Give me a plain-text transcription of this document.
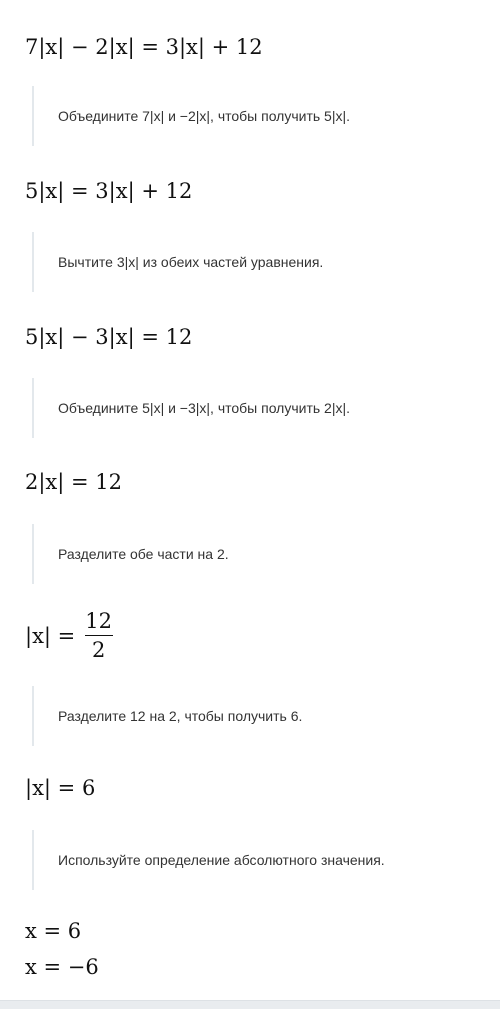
7|x| − 2|x| = 3|x| + 12
Объедините 7|x| и −2|x|, чтобы получить 5|x|.
5|x| = 3|x| + 12
Вычтите 3|x| из обеих частей уравнения.
5|x| − 3|x| = 12
Объедините 5|x| и −3|x|, чтобы получить 2|x|.
2|x| = 12
Разделите обе части на 2.
$|x| = \frac{12}{2}$
Разделите 12 на 2, чтобы получить 6.
|x| = 6
Используйте определение абсолютного значения.
x = 6
x = −6
